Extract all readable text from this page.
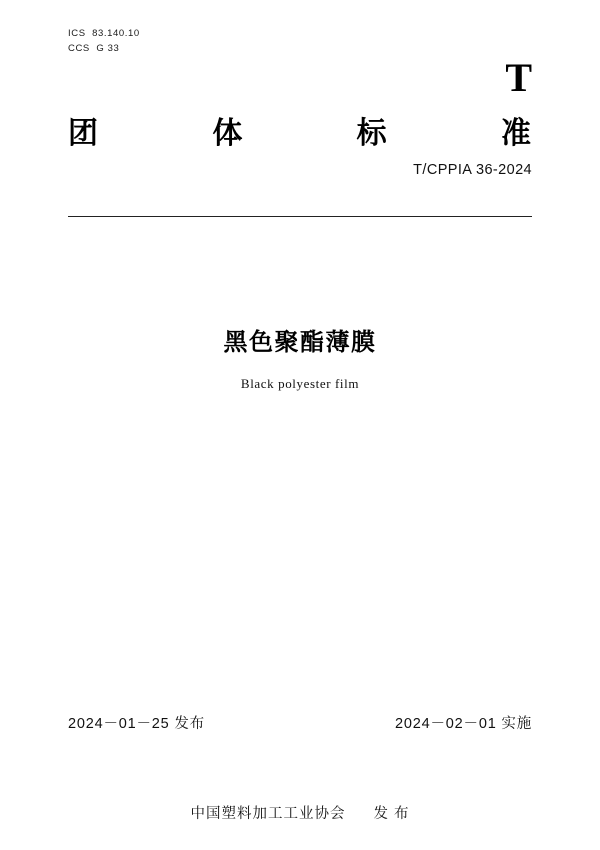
ICS  83.140.10
CCS  G 33
T
团	体	标	准
T/CPPIA 36-2024
黑色聚酯薄膜
Black polyester film
2024－01－25 发布	2024－02－01 实施
中国塑料加工工业协会 发 布
